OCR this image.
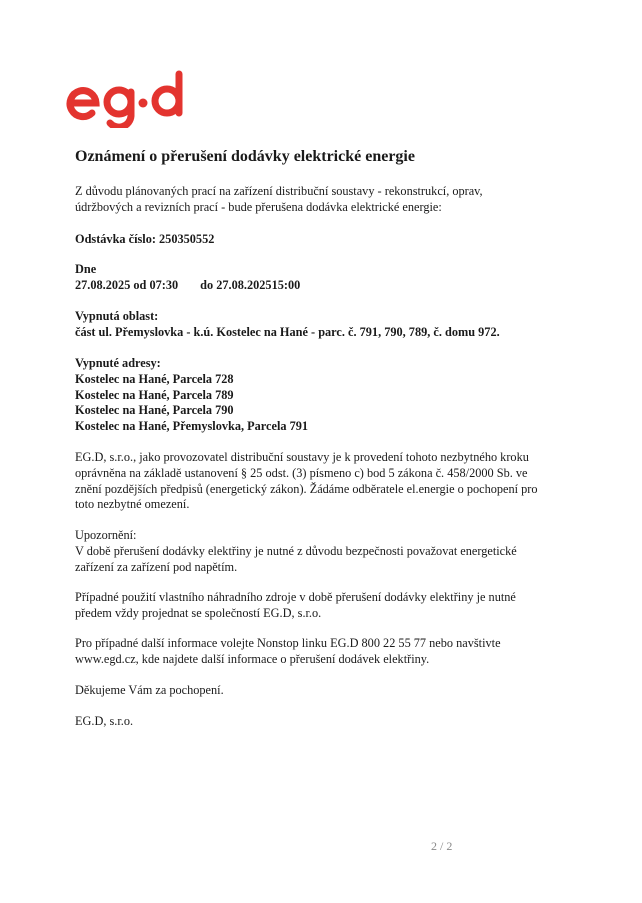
Oznámení o přerušení dodávky elektrické energie

Z důvodu plánovaných prací na zařízení distribuční soustavy - rekonstrukcí, oprav,
údržbových a revizních prací - bude přerušena dodávka elektrické energie:

Odstávka číslo: 250350552

Dne
27.08.2025 od 07:30 do 27.08.202515:00

Vypnutá oblast:
část ul. Přemyslovka - k.ú. Kostelec na Hané - parc. č. 791, 790, 789, č. domu 972.

Vypnuté adresy:
Kostelec na Hané, Parcela 728
Kostelec na Hané, Parcela 789
Kostelec na Hané, Parcela 790
Kostelec na Hané, Přemyslovka, Parcela 791

EG.D, s.r.o., jako provozovatel distribuční soustavy je k provedení tohoto nezbytného kroku
oprávněna na základě ustanovení § 25 odst. (3) písmeno c) bod 5 zákona č. 458/2000 Sb. ve
znění pozdějších předpisů (energetický zákon). Žádáme odběratele el.energie o pochopení pro
toto nezbytné omezení.

Upozornění:
V době přerušení dodávky elektřiny je nutné z důvodu bezpečnosti považovat energetické
zařízení za zařízení pod napětím.

Případné použití vlastního náhradního zdroje v době přerušení dodávky elektřiny je nutné
předem vždy projednat se společností EG.D, s.r.o.

Pro případné další informace volejte Nonstop linku EG.D 800 22 55 77 nebo navštivte
www.egd.cz, kde najdete další informace o přerušení dodávek elektřiny.

Děkujeme Vám za pochopení.

EG.D, s.r.o.

2 / 2
